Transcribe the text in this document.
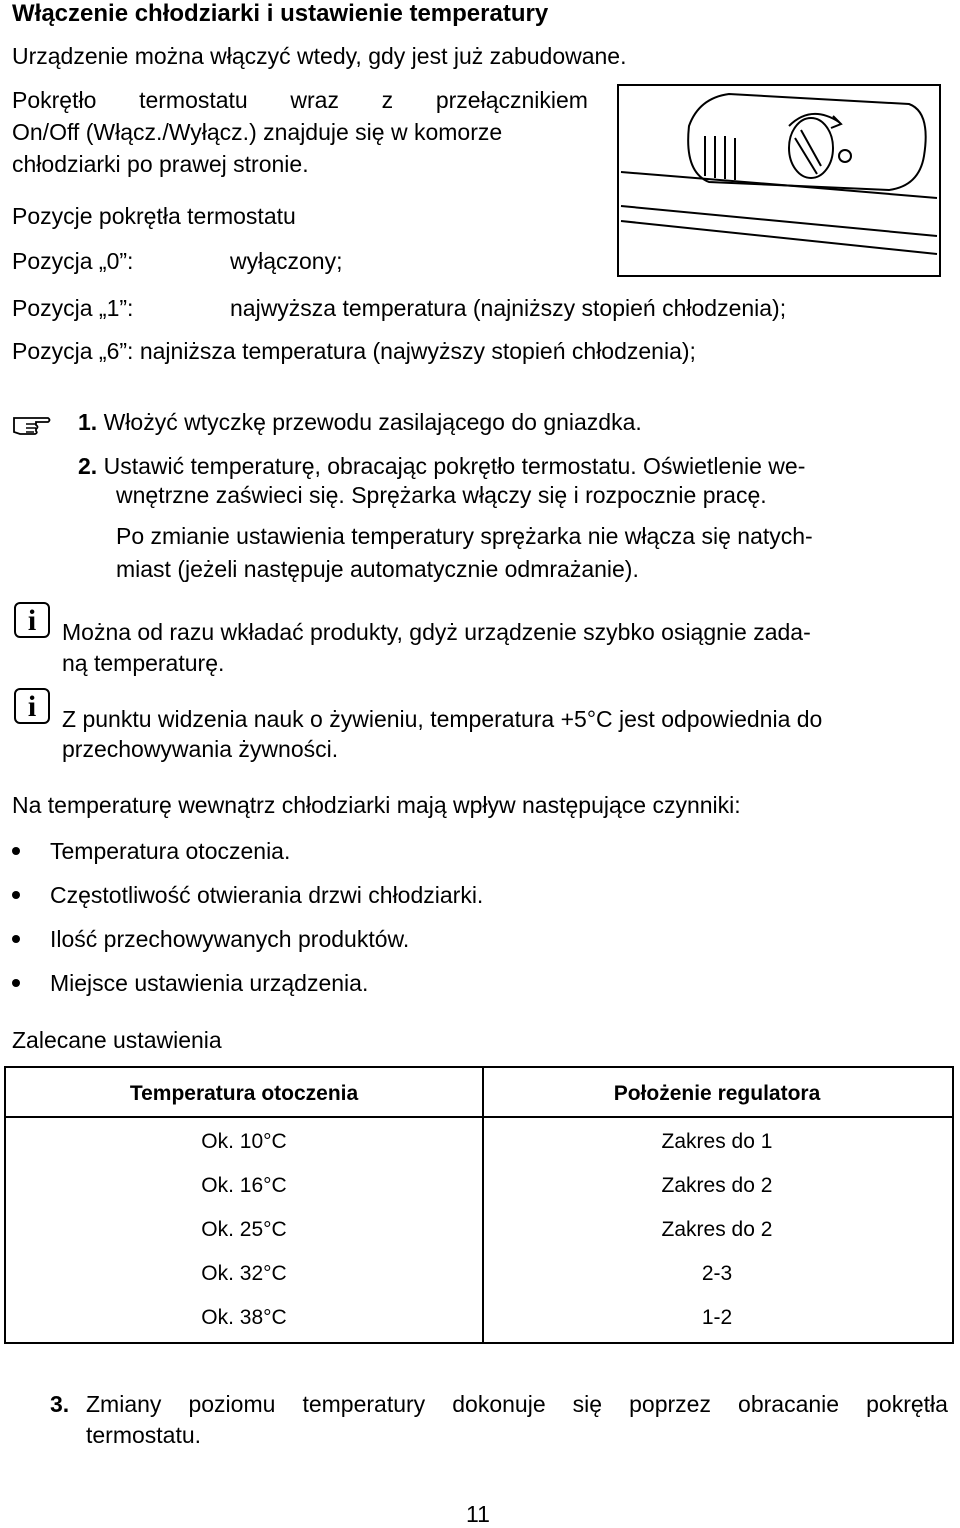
Włączenie chłodziarki i ustawienie temperatury
Urządzenie można włączyć wtedy, gdy jest już zabudowane.
Pokrętło termostatu wraz z przełącznikiem
On/Off (Włącz./Wyłącz.) znajduje się w komorze
chłodziarki po prawej stronie.
Pozycje pokrętła termostatu
Pozycja „0”:	wyłączony;
Pozycja „1”:	najwyższa temperatura (najniższy stopień chłodzenia);
Pozycja „6”: najniższa temperatura (najwyższy stopień chłodzenia);
1. Włożyć wtyczkę przewodu zasilającego do gniazdka.
2. Ustawić temperaturę, obracając pokrętło termostatu. Oświetlenie we-
wnętrzne zaświeci się. Sprężarka włączy się i rozpocznie pracę.
Po zmianie ustawienia temperatury sprężarka nie włącza się natych-
miast (jeżeli następuje automatycznie odmrażanie).
i	Można od razu wkładać produkty, gdyż urządzenie szybko osiągnie zada-
ną temperaturę.
i	Z punktu widzenia nauk o żywieniu, temperatura +5°C jest odpowiednia do
przechowywania żywności.
Na temperaturę wewnątrz chłodziarki mają wpływ następujące czynniki:
Temperatura otoczenia.
Częstotliwość otwierania drzwi chłodziarki.
Ilość przechowywanych produktów.
Miejsce ustawienia urządzenia.
Zalecane ustawienia
Temperatura otoczenia	Położenie regulatora
Ok. 10°C	Zakres do 1
Ok. 16°C	Zakres do 2
Ok. 25°C	Zakres do 2
Ok. 32°C	2-3
Ok. 38°C	1-2
3. Zmiany poziomu temperatury dokonuje się poprzez obracanie pokrętła
termostatu.
11
